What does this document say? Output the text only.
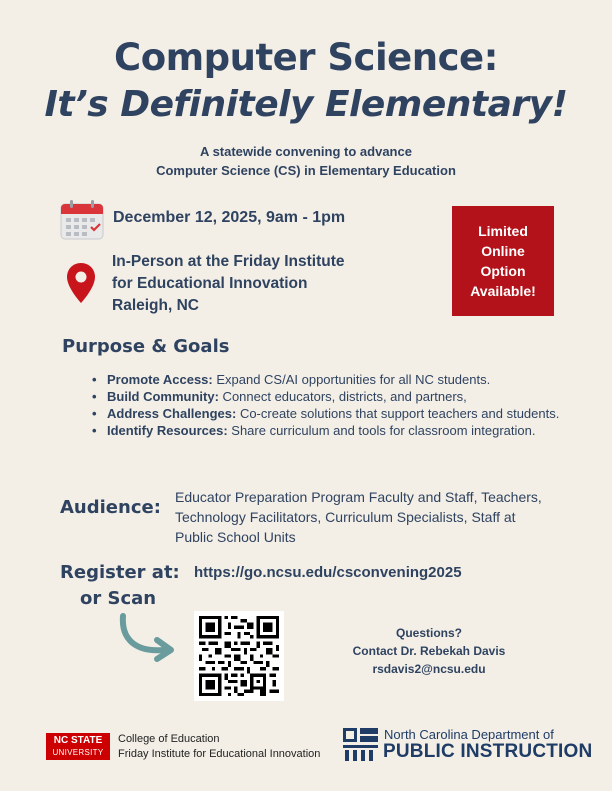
Computer Science:
It’s Definitely Elementary!
A statewide convening to advance
Computer Science (CS) in Elementary Education
December 12, 2025, 9am - 1pm
In-Person at the Friday Institute
for Educational Innovation
Raleigh, NC
Limited
Online
Option
Available!
Purpose & Goals
• Promote Access: Expand CS/AI opportunities for all NC students.
• Build Community: Connect educators, districts, and partners,
• Address Challenges: Co-create solutions that support teachers and students.
• Identify Resources: Share curriculum and tools for classroom integration.
Audience: Educator Preparation Program Faculty and Staff, Teachers, Technology Facilitators, Curriculum Specialists, Staff at Public School Units
Register at:
or Scan
https://go.ncsu.edu/csconvening2025
Questions?
Contact Dr. Rebekah Davis
rsdavis2@ncsu.edu
NC STATE
UNIVERSITY
College of Education
Friday Institute for Educational Innovation
North Carolina Department of
PUBLIC INSTRUCTION
